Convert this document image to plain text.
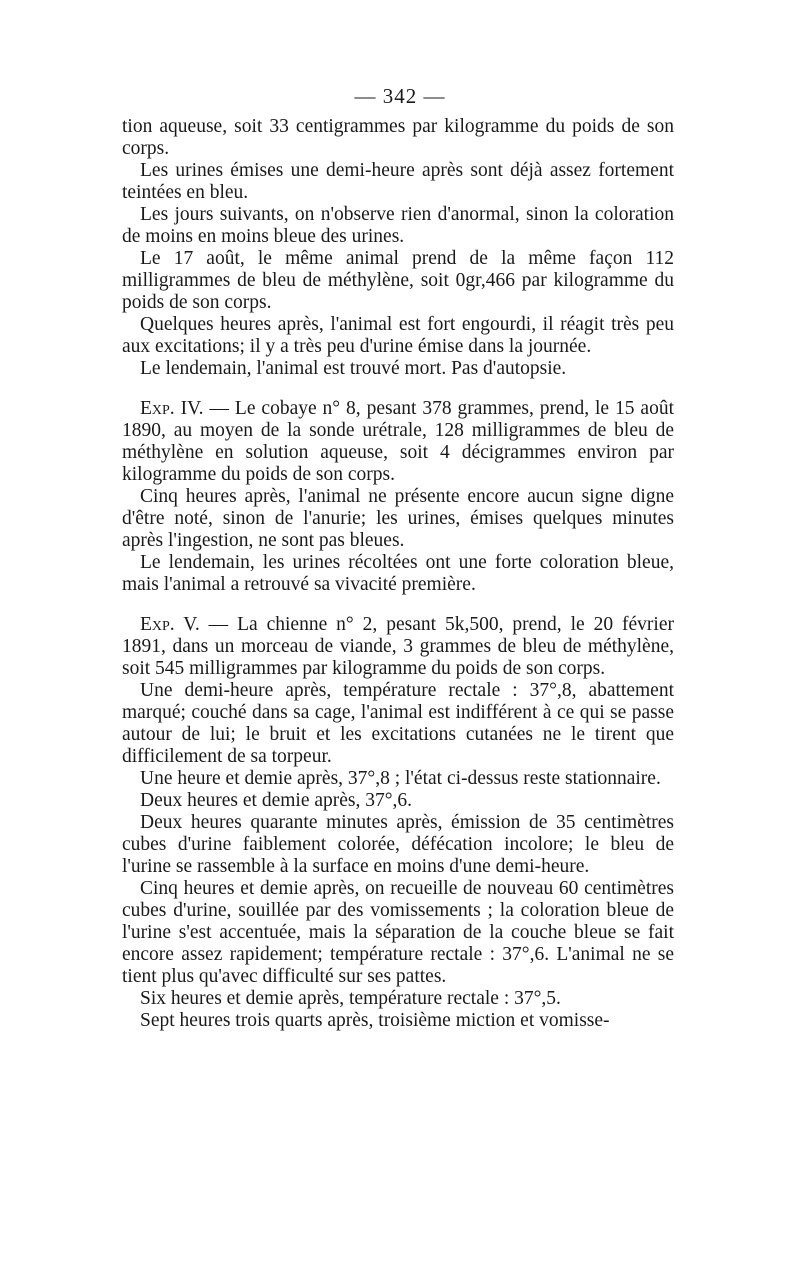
— 342 —

tion aqueuse, soit 33 centigrammes par kilogramme du poids de son corps.

Les urines émises une demi-heure après sont déjà assez fortement teintées en bleu.

Les jours suivants, on n'observe rien d'anormal, sinon la coloration de moins en moins bleue des urines.

Le 17 août, le même animal prend de la même façon 112 milligrammes de bleu de méthylène, soit 0gr,466 par kilogramme du poids de son corps.

Quelques heures après, l'animal est fort engourdi, il réagit très peu aux excitations; il y a très peu d'urine émise dans la journée.

Le lendemain, l'animal est trouvé mort. Pas d'autopsie.

Exp. IV. — Le cobaye n° 8, pesant 378 grammes, prend, le 15 août 1890, au moyen de la sonde urétrale, 128 milligrammes de bleu de méthylène en solution aqueuse, soit 4 décigrammes environ par kilogramme du poids de son corps.

Cinq heures après, l'animal ne présente encore aucun signe digne d'être noté, sinon de l'anurie; les urines, émises quelques minutes après l'ingestion, ne sont pas bleues.

Le lendemain, les urines récoltées ont une forte coloration bleue, mais l'animal a retrouvé sa vivacité première.

Exp. V. — La chienne n° 2, pesant 5k,500, prend, le 20 février 1891, dans un morceau de viande, 3 grammes de bleu de méthylène, soit 545 milligrammes par kilogramme du poids de son corps.

Une demi-heure après, température rectale : 37°,8, abattement marqué; couché dans sa cage, l'animal est indifférent à ce qui se passe autour de lui; le bruit et les excitations cutanées ne le tirent que difficilement de sa torpeur.

Une heure et demie après, 37°,8 ; l'état ci-dessus reste stationnaire.

Deux heures et demie après, 37°,6.

Deux heures quarante minutes après, émission de 35 centimètres cubes d'urine faiblement colorée, défécation incolore; le bleu de l'urine se rassemble à la surface en moins d'une demi-heure.

Cinq heures et demie après, on recueille de nouveau 60 centimètres cubes d'urine, souillée par des vomissements ; la coloration bleue de l'urine s'est accentuée, mais la séparation de la couche bleue se fait encore assez rapidement; température rectale : 37°,6. L'animal ne se tient plus qu'avec difficulté sur ses pattes.

Six heures et demie après, température rectale : 37°,5.

Sept heures trois quarts après, troisième miction et vomisse-
